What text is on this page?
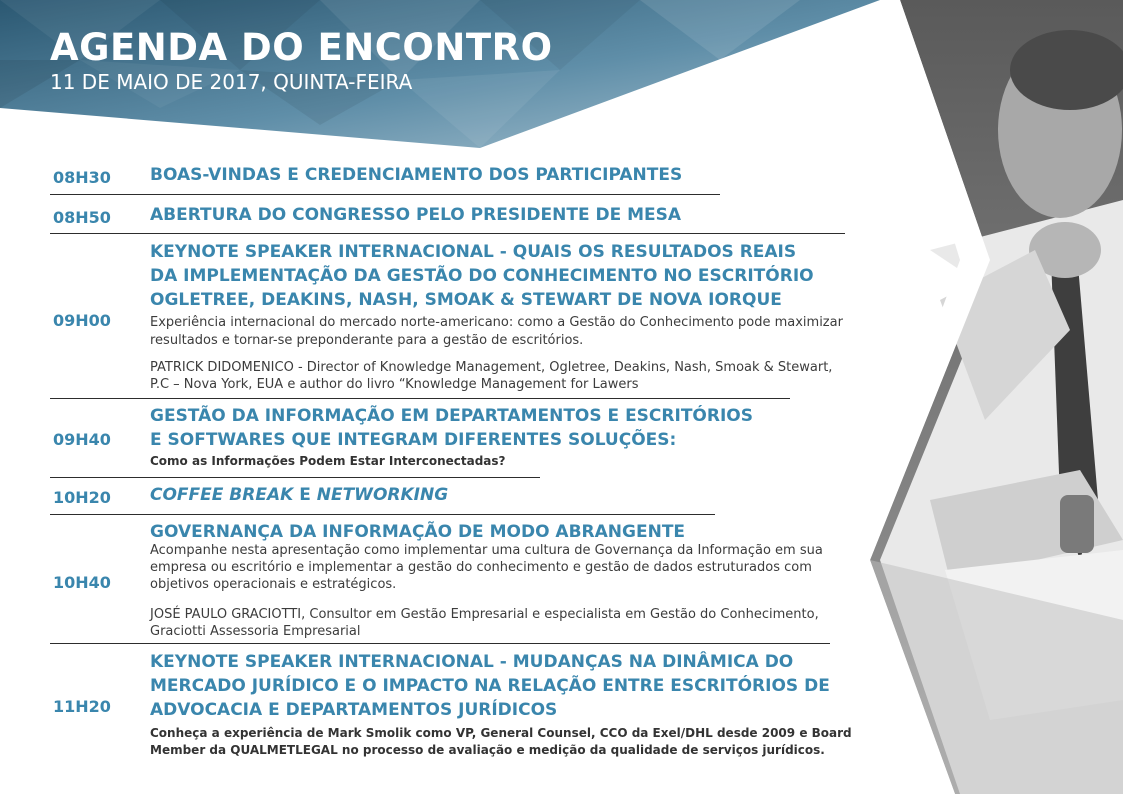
AGENDA DO ENCONTRO
11 DE MAIO DE 2017, QUINTA-FEIRA
08H30 BOAS-VINDAS E CREDENCIAMENTO DOS PARTICIPANTES
08H50 ABERTURA DO CONGRESSO PELO PRESIDENTE DE MESA
09H00
KEYNOTE SPEAKER INTERNACIONAL - QUAIS OS RESULTADOS REAIS
DA IMPLEMENTAÇÃO DA GESTÃO DO CONHECIMENTO NO ESCRITÓRIO
OGLETREE, DEAKINS, NASH, SMOAK & STEWART DE NOVA IORQUE
Experiência internacional do mercado norte-americano: como a Gestão do Conhecimento pode maximizar
resultados e tornar-se preponderante para a gestão de escritórios.
PATRICK DIDOMENICO - Director of Knowledge Management, Ogletree, Deakins, Nash, Smoak & Stewart,
P.C – Nova York, EUA e author do livro “Knowledge Management for Lawers
09H40
GESTÃO DA INFORMAÇÃO EM DEPARTAMENTOS E ESCRITÓRIOS
E SOFTWARES QUE INTEGRAM DIFERENTES SOLUÇÕES:
Como as Informações Podem Estar Interconectadas?
10H20 COFFEE BREAK E NETWORKING
10H40
GOVERNANÇA DA INFORMAÇÃO DE MODO ABRANGENTE
Acompanhe nesta apresentação como implementar uma cultura de Governança da Informação em sua
empresa ou escritório e implementar a gestão do conhecimento e gestão de dados estruturados com
objetivos operacionais e estratégicos.
JOSÉ PAULO GRACIOTTI, Consultor em Gestão Empresarial e especialista em Gestão do Conhecimento,
Graciotti Assessoria Empresarial
11H20
KEYNOTE SPEAKER INTERNACIONAL - MUDANÇAS NA DINÂMICA DO
MERCADO JURÍDICO E O IMPACTO NA RELAÇÃO ENTRE ESCRITÓRIOS DE
ADVOCACIA E DEPARTAMENTOS JURÍDICOS
Conheça a experiência de Mark Smolik como VP, General Counsel, CCO da Exel/DHL desde 2009 e Board
Member da QUALMETLEGAL no processo de avaliação e medição da qualidade de serviços jurídicos.
